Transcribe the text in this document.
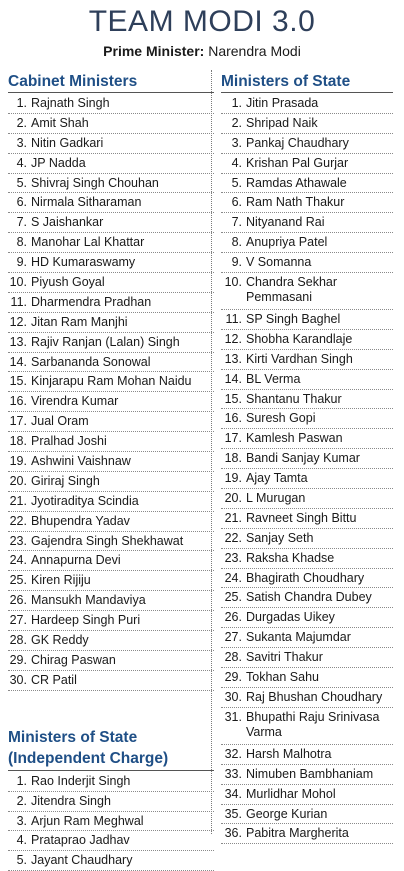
TEAM MODI 3.0
Prime Minister: Narendra Modi
Cabinet Ministers
1. Rajnath Singh
2. Amit Shah
3. Nitin Gadkari
4. JP Nadda
5. Shivraj Singh Chouhan
6. Nirmala Sitharaman
7. S Jaishankar
8. Manohar Lal Khattar
9. HD Kumaraswamy
10. Piyush Goyal
11. Dharmendra Pradhan
12. Jitan Ram Manjhi
13. Rajiv Ranjan (Lalan) Singh
14. Sarbananda Sonowal
15. Kinjarapu Ram Mohan Naidu
16. Virendra Kumar
17. Jual Oram
18. Pralhad Joshi
19. Ashwini Vaishnaw
20. Giriraj Singh
21. Jyotiraditya Scindia
22. Bhupendra Yadav
23. Gajendra Singh Shekhawat
24. Annapurna Devi
25. Kiren Rijiju
26. Mansukh Mandaviya
27. Hardeep Singh Puri
28. GK Reddy
29. Chirag Paswan
30. CR Patil
Ministers of State
(Independent Charge)
1. Rao Inderjit Singh
2. Jitendra Singh
3. Arjun Ram Meghwal
4. Prataprao Jadhav
5. Jayant Chaudhary
Ministers of State
1. Jitin Prasada
2. Shripad Naik
3. Pankaj Chaudhary
4. Krishan Pal Gurjar
5. Ramdas Athawale
6. Ram Nath Thakur
7. Nityanand Rai
8. Anupriya Patel
9. V Somanna
10. Chandra Sekhar Pemmasani
11. SP Singh Baghel
12. Shobha Karandlaje
13. Kirti Vardhan Singh
14. BL Verma
15. Shantanu Thakur
16. Suresh Gopi
17. Kamlesh Paswan
18. Bandi Sanjay Kumar
19. Ajay Tamta
20. L Murugan
21. Ravneet Singh Bittu
22. Sanjay Seth
23. Raksha Khadse
24. Bhagirath Choudhary
25. Satish Chandra Dubey
26. Durgadas Uikey
27. Sukanta Majumdar
28. Savitri Thakur
29. Tokhan Sahu
30. Raj Bhushan Choudhary
31. Bhupathi Raju Srinivasa Varma
32. Harsh Malhotra
33. Nimuben Bambhaniam
34. Murlidhar Mohol
35. George Kurian
36. Pabitra Margherita
